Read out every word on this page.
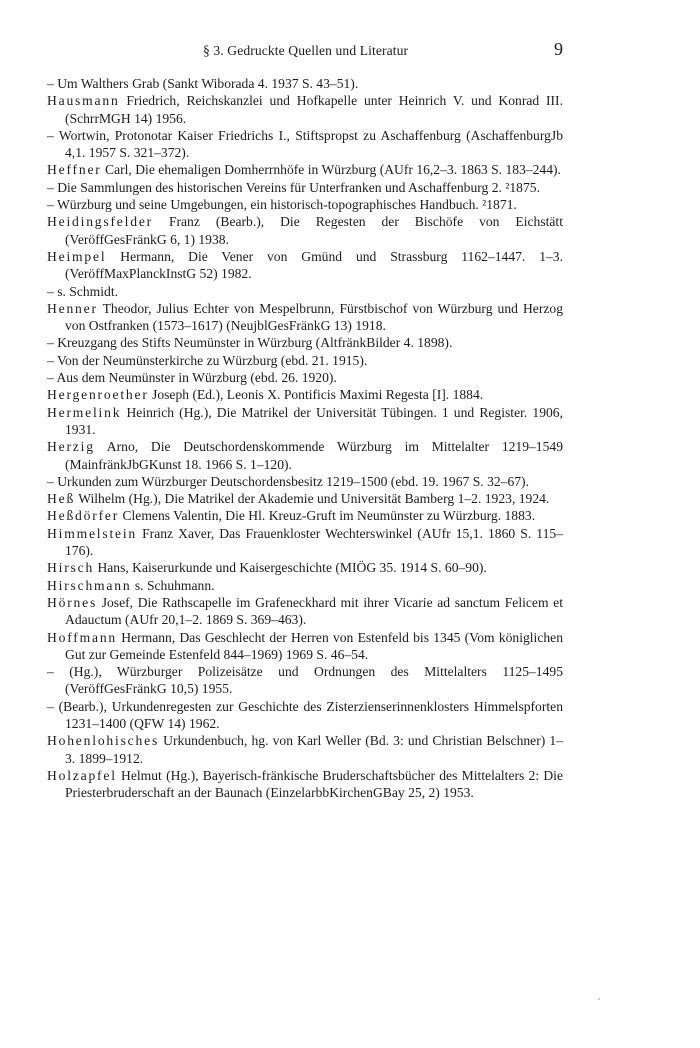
§ 3. Gedruckte Quellen und Literatur	9

– Um Walthers Grab (Sankt Wiborada 4. 1937 S. 43–51).

Hausmann Friedrich, Reichskanzlei und Hofkapelle unter Heinrich V. und Konrad III. (SchrrMGH 14) 1956.

– Wortwin, Protonotar Kaiser Friedrichs I., Stiftspropst zu Aschaffenburg (AschaffenburgJb 4,1. 1957 S. 321–372).

Heffner Carl, Die ehemaligen Domherrnhöfe in Würzburg (AUfr 16,2–3. 1863 S. 183–244).

– Die Sammlungen des historischen Vereins für Unterfranken und Aschaffenburg 2. ²1875.

– Würzburg und seine Umgebungen, ein historisch-topographisches Handbuch. ²1871.

Heidingsfelder Franz (Bearb.), Die Regesten der Bischöfe von Eichstätt (VeröffGesFränkG 6, 1) 1938.

Heimpel Hermann, Die Vener von Gmünd und Strassburg 1162–1447. 1–3. (VeröffMaxPlanckInstG 52) 1982.

– s. Schmidt.

Henner Theodor, Julius Echter von Mespelbrunn, Fürstbischof von Würzburg und Herzog von Ostfranken (1573–1617) (NeujblGesFränkG 13) 1918.

– Kreuzgang des Stifts Neumünster in Würzburg (AltfränkBilder 4. 1898).

– Von der Neumünsterkirche zu Würzburg (ebd. 21. 1915).

– Aus dem Neumünster in Würzburg (ebd. 26. 1920).

Hergenroether Joseph (Ed.), Leonis X. Pontificis Maximi Regesta [I]. 1884.

Hermelink Heinrich (Hg.), Die Matrikel der Universität Tübingen. 1 und Register. 1906, 1931.

Herzig Arno, Die Deutschordenskommende Würzburg im Mittelalter 1219–1549 (MainfränkJbGKunst 18. 1966 S. 1–120).

– Urkunden zum Würzburger Deutschordensbesitz 1219–1500 (ebd. 19. 1967 S. 32–67).

Heß Wilhelm (Hg.), Die Matrikel der Akademie und Universität Bamberg 1–2. 1923, 1924.

Heßdörfer Clemens Valentin, Die Hl. Kreuz-Gruft im Neumünster zu Würzburg. 1883.

Himmelstein Franz Xaver, Das Frauenkloster Wechterswinkel (AUfr 15,1. 1860 S. 115–176).

Hirsch Hans, Kaiserurkunde und Kaisergeschichte (MIÖG 35. 1914 S. 60–90).

Hirschmann s. Schuhmann.

Hörnes Josef, Die Rathscapelle im Grafeneckhard mit ihrer Vicarie ad sanctum Felicem et Adauctum (AUfr 20,1–2. 1869 S. 369–463).

Hoffmann Hermann, Das Geschlecht der Herren von Estenfeld bis 1345 (Vom königlichen Gut zur Gemeinde Estenfeld 844–1969) 1969 S. 46–54.

– (Hg.), Würzburger Polizeisätze und Ordnungen des Mittelalters 1125–1495 (VeröffGesFränkG 10,5) 1955.

– (Bearb.), Urkundenregesten zur Geschichte des Zisterzienserinnenklosters Himmelspforten 1231–1400 (QFW 14) 1962.

Hohenlohisches Urkundenbuch, hg. von Karl Weller (Bd. 3: und Christian Belschner) 1–3. 1899–1912.

Holzapfel Helmut (Hg.), Bayerisch-fränkische Bruderschaftsbücher des Mittelalters 2: Die Priesterbruderschaft an der Baunach (EinzelarbbKirchenGBay 25, 2) 1953.
